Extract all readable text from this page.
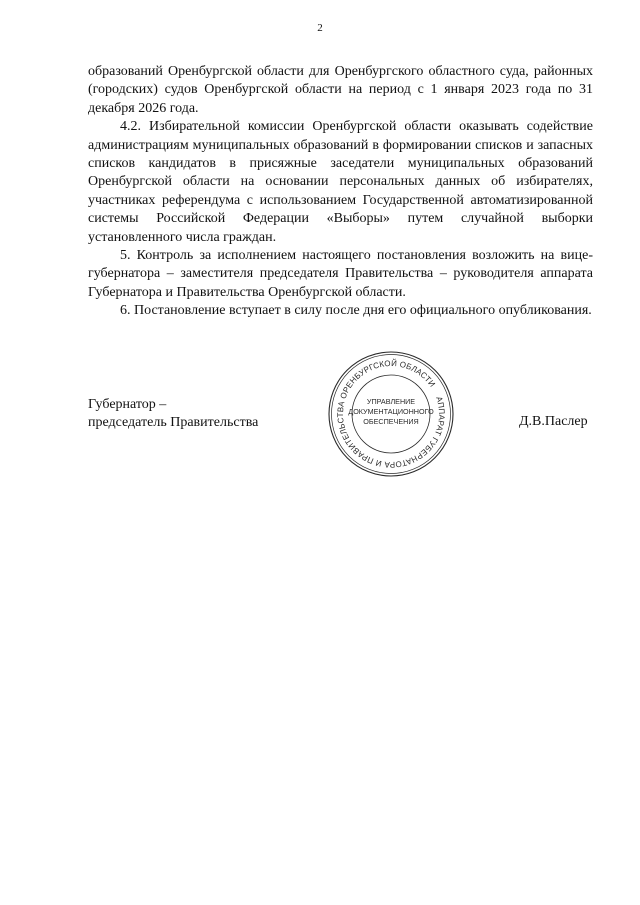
2

образований Оренбургской области для Оренбургского областного суда, районных (городских) судов Оренбургской области на период с 1 января 2023 года по 31 декабря 2026 года.

4.2. Избирательной комиссии Оренбургской области оказывать содействие администрациям муниципальных образований в формировании списков и запасных списков кандидатов в присяжные заседатели муниципальных образований Оренбургской области на основании персональных данных об избирателях, участниках референдума с использованием Государственной автоматизированной системы Российской Федерации «Выборы» путем случайной выборки установленного числа граждан.

5. Контроль за исполнением настоящего постановления возложить на вице-губернатора – заместителя председателя Правительства – руководителя аппарата Губернатора и Правительства Оренбургской области.

6. Постановление вступает в силу после дня его официального опубликования.

Губернатор –
председатель Правительства
АППАРАТ ГУБЕРНАТОРА И ПРАВИТЕЛЬСТВА ОРЕНБУРГСКОЙ ОБЛАСТИ
УПРАВЛЕНИЕ
ДОКУМЕНТАЦИОННОГО
ОБЕСПЕЧЕНИЯ	Д.В.Паслер
